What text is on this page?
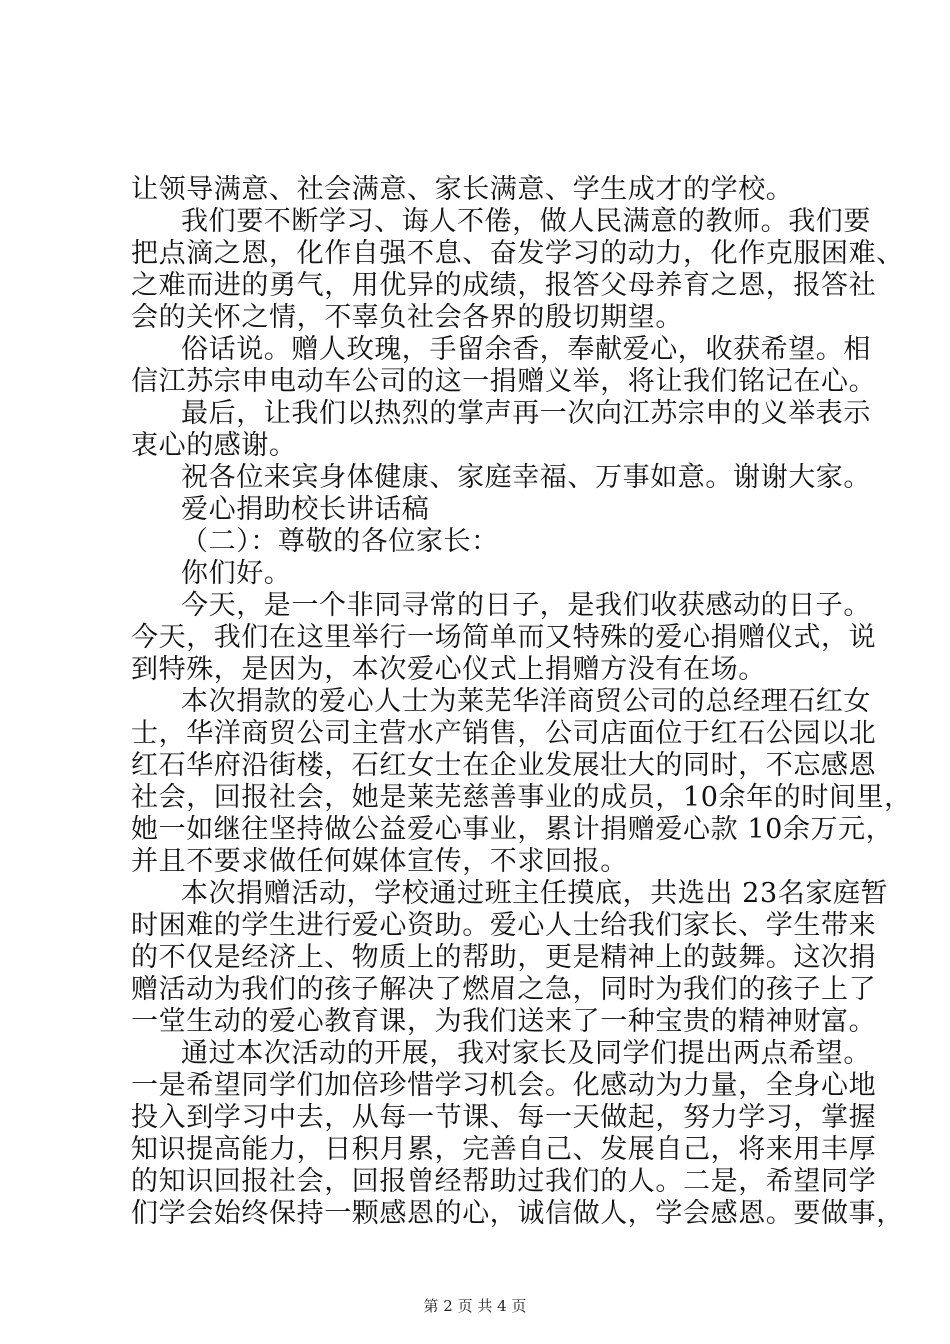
让领导满意、社会满意、家长满意、学生成才的学校。
我们要不断学习、诲人不倦，做人民满意的教师。我们要
把点滴之恩，化作自强不息、奋发学习的动力，化作克服困难、
之难而进的勇气，用优异的成绩，报答父母养育之恩，报答社
会的关怀之情，不辜负社会各界的殷切期望。
俗话说。赠人玫瑰，手留余香，奉献爱心，收获希望。相
信江苏宗申电动车公司的这一捐赠义举，将让我们铭记在心。
最后，让我们以热烈的掌声再一次向江苏宗申的义举表示
衷心的感谢。
祝各位来宾身体健康、家庭幸福、万事如意。谢谢大家。
爱心捐助校长讲话稿
（二）：尊敬的各位家长：
你们好。
今天，是一个非同寻常的日子，是我们收获感动的日子。
今天，我们在这里举行一场简单而又特殊的爱心捐赠仪式，说
到特殊，是因为，本次爱心仪式上捐赠方没有在场。
本次捐款的爱心人士为莱芜华洋商贸公司的总经理石红女
士，华洋商贸公司主营水产销售，公司店面位于红石公园以北
红石华府沿街楼，石红女士在企业发展壮大的同时，不忘感恩
社会，回报社会，她是莱芜慈善事业的成员，10余年的时间里，
她一如继往坚持做公益爱心事业，累计捐赠爱心款 10余万元，
并且不要求做任何媒体宣传，不求回报。
本次捐赠活动，学校通过班主任摸底，共选出 23名家庭暂
时困难的学生进行爱心资助。爱心人士给我们家长、学生带来
的不仅是经济上、物质上的帮助，更是精神上的鼓舞。这次捐
赠活动为我们的孩子解决了燃眉之急，同时为我们的孩子上了
一堂生动的爱心教育课，为我们送来了一种宝贵的精神财富。
通过本次活动的开展，我对家长及同学们提出两点希望。
一是希望同学们加倍珍惜学习机会。化感动为力量，全身心地
投入到学习中去，从每一节课、每一天做起，努力学习，掌握
知识提高能力，日积月累，完善自己、发展自己，将来用丰厚
的知识回报社会，回报曾经帮助过我们的人。二是，希望同学
们学会始终保持一颗感恩的心，诚信做人，学会感恩。要做事，
第 2 页 共 4 页
